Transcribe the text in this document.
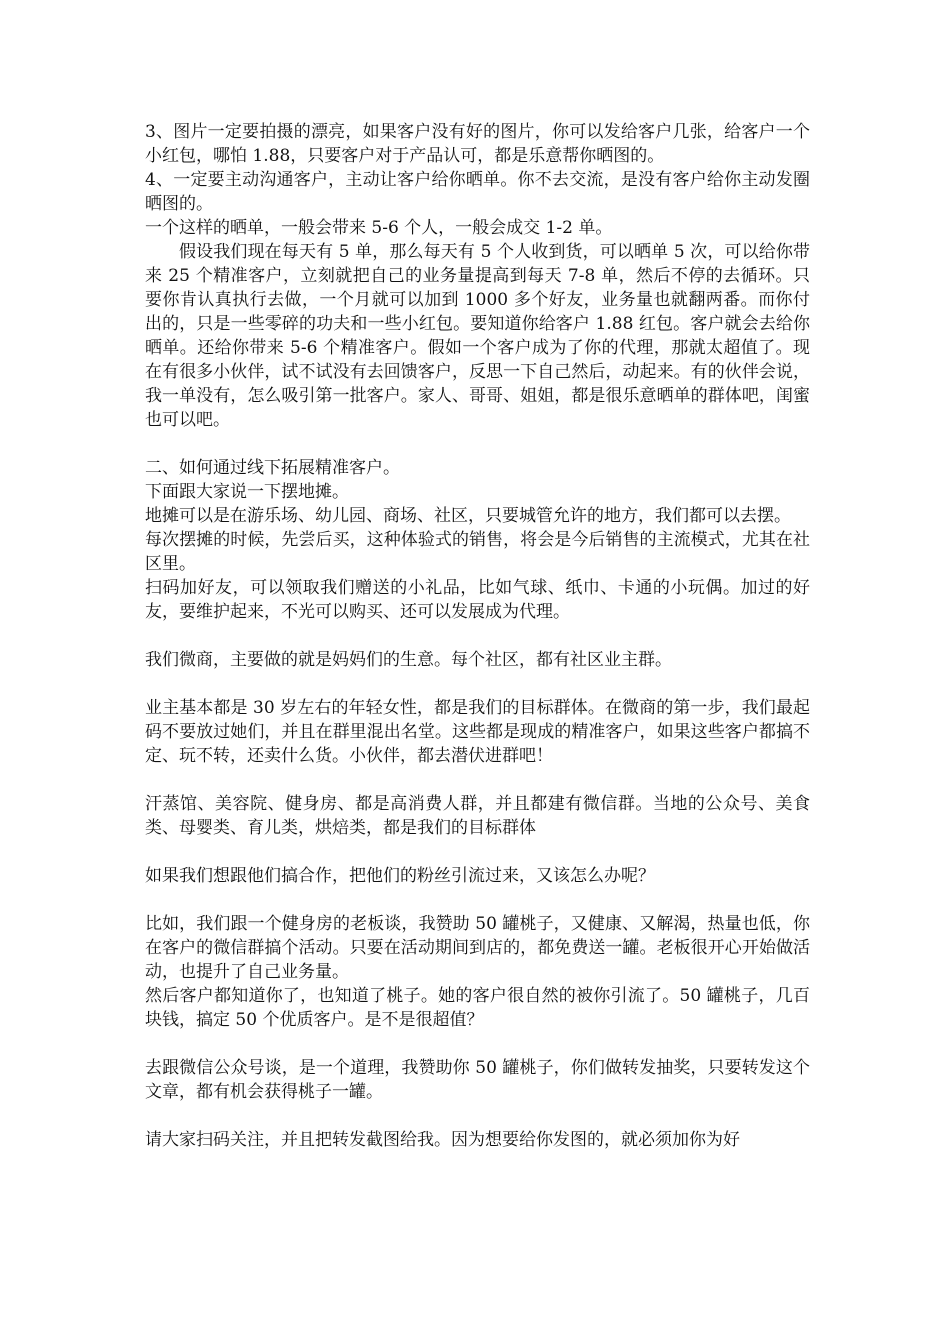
3、图片一定要拍摄的漂亮，如果客户没有好的图片，你可以发给客户几张，给客户一个小红包，哪怕 1.88，只要客户对于产品认可，都是乐意帮你晒图的。

4、一定要主动沟通客户，主动让客户给你晒单。你不去交流，是没有客户给你主动发圈晒图的。

一个这样的晒单，一般会带来 5-6 个人，一般会成交 1-2 单。

假设我们现在每天有 5 单，那么每天有 5 个人收到货，可以晒单 5 次，可以给你带来 25 个精准客户，立刻就把自己的业务量提高到每天 7-8 单，然后不停的去循环。只要你肯认真执行去做，一个月就可以加到 1000 多个好友，业务量也就翻两番。而你付出的，只是一些零碎的功夫和一些小红包。要知道你给客户 1.88 红包。客户就会去给你晒单。还给你带来 5-6 个精准客户。假如一个客户成为了你的代理，那就太超值了。现在有很多小伙伴，试不试没有去回馈客户，反思一下自己然后，动起来。有的伙伴会说，我一单没有，怎么吸引第一批客户。家人、哥哥、姐姐，都是很乐意晒单的群体吧，闺蜜也可以吧。

二、如何通过线下拓展精准客户。

下面跟大家说一下摆地摊。

地摊可以是在游乐场、幼儿园、商场、社区，只要城管允许的地方，我们都可以去摆。

每次摆摊的时候，先尝后买，这种体验式的销售，将会是今后销售的主流模式，尤其在社区里。

扫码加好友，可以领取我们赠送的小礼品，比如气球、纸巾、卡通的小玩偶。加过的好友，要维护起来，不光可以购买、还可以发展成为代理。

我们微商，主要做的就是妈妈们的生意。每个社区，都有社区业主群。

业主基本都是 30 岁左右的年轻女性，都是我们的目标群体。在微商的第一步，我们最起码不要放过她们，并且在群里混出名堂。这些都是现成的精准客户，如果这些客户都搞不定、玩不转，还卖什么货。小伙伴，都去潜伏进群吧！

汗蒸馆、美容院、健身房、都是高消费人群，并且都建有微信群。当地的公众号、美食类、母婴类、育儿类，烘焙类，都是我们的目标群体

如果我们想跟他们搞合作，把他们的粉丝引流过来，又该怎么办呢？

比如，我们跟一个健身房的老板谈，我赞助 50 罐桃子，又健康、又解渴，热量也低，你在客户的微信群搞个活动。只要在活动期间到店的，都免费送一罐。老板很开心开始做活动，也提升了自己业务量。

然后客户都知道你了，也知道了桃子。她的客户很自然的被你引流了。50 罐桃子，几百块钱，搞定 50 个优质客户。是不是很超值？

去跟微信公众号谈，是一个道理，我赞助你 50 罐桃子，你们做转发抽奖，只要转发这个文章，都有机会获得桃子一罐。

请大家扫码关注，并且把转发截图给我。因为想要给你发图的，就必须加你为好
